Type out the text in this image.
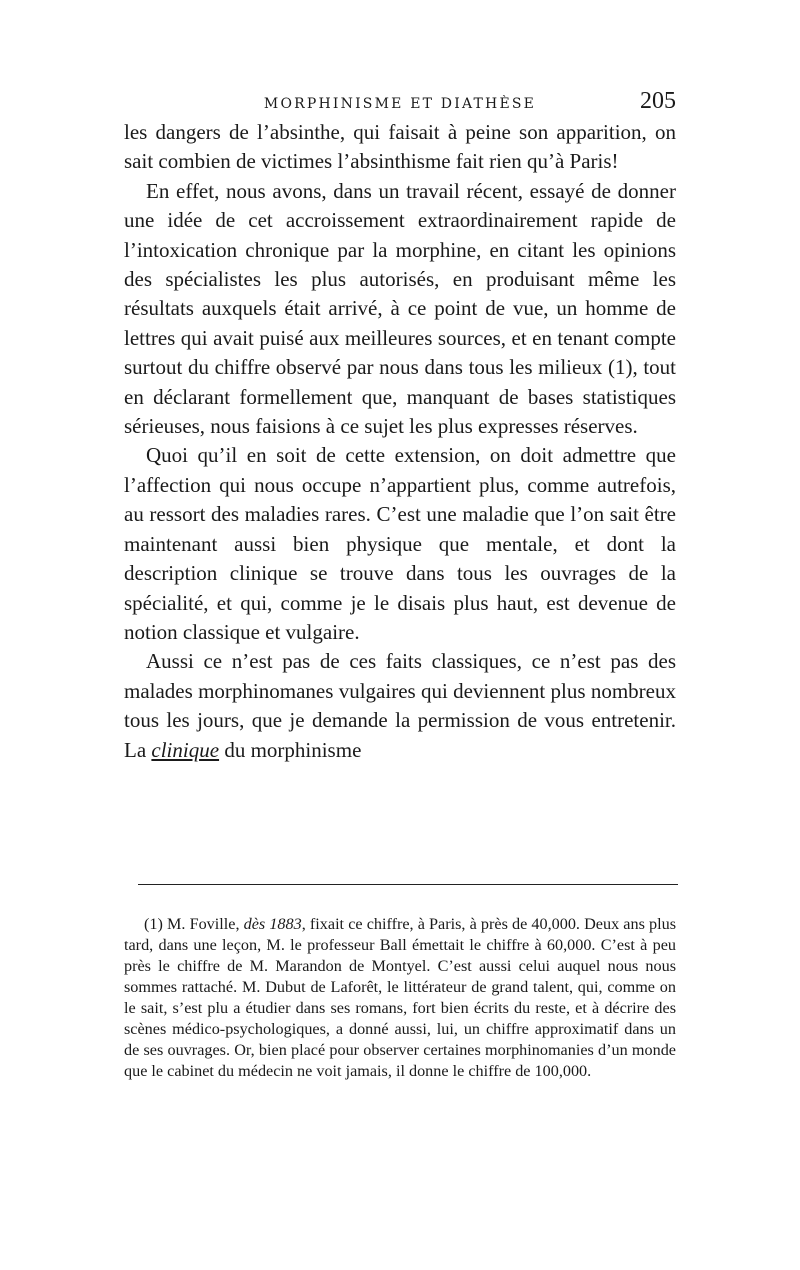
MORPHINISME ET DIATHÈSE	205

les dangers de l’absinthe, qui faisait à peine son apparition, on sait combien de victimes l’absinthisme fait rien qu’à Paris!

En effet, nous avons, dans un travail récent, essayé de donner une idée de cet accroissement extraordinairement rapide de l’intoxication chronique par la morphine, en citant les opinions des spécialistes les plus autorisés, en produisant même les résultats auxquels était arrivé, à ce point de vue, un homme de lettres qui avait puisé aux meilleures sources, et en tenant compte surtout du chiffre observé par nous dans tous les milieux (1), tout en déclarant formellement que, manquant de bases statistiques sérieuses, nous faisions à ce sujet les plus expresses réserves.

Quoi qu’il en soit de cette extension, on doit admettre que l’affection qui nous occupe n’appartient plus, comme autrefois, au ressort des maladies rares. C’est une maladie que l’on sait être maintenant aussi bien physique que mentale, et dont la description clinique se trouve dans tous les ouvrages de la spécialité, et qui, comme je le disais plus haut, est devenue de notion classique et vulgaire.

Aussi ce n’est pas de ces faits classiques, ce n’est pas des malades morphinomanes vulgaires qui deviennent plus nombreux tous les jours, que je demande la permission de vous entretenir. La clinique du morphinisme

(1) M. Foville, dès 1883, fixait ce chiffre, à Paris, à près de 40,000. Deux ans plus tard, dans une leçon, M. le professeur Ball émettait le chiffre à 60,000. C’est à peu près le chiffre de M. Marandon de Montyel. C’est aussi celui auquel nous nous sommes rattaché. M. Dubut de Laforêt, le littérateur de grand talent, qui, comme on le sait, s’est plu a étudier dans ses romans, fort bien écrits du reste, et à décrire des scènes médico-psychologiques, a donné aussi, lui, un chiffre approximatif dans un de ses ouvrages. Or, bien placé pour observer certaines morphinomanies d’un monde que le cabinet du médecin ne voit jamais, il donne le chiffre de 100,000.
